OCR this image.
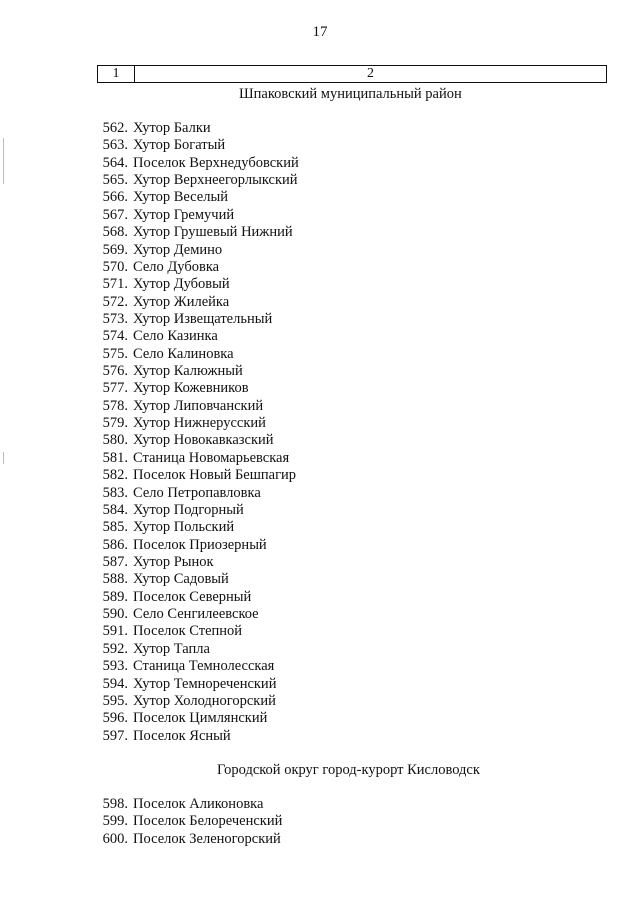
17
1	2
Шпаковский муниципальный район
562. Хутор Балки
563. Хутор Богатый
564. Поселок Верхнедубовский
565. Хутор Верхнеегорлыкский
566. Хутор Веселый
567. Хутор Гремучий
568. Хутор Грушевый Нижний
569. Хутор Демино
570. Село Дубовка
571. Хутор Дубовый
572. Хутор Жилейка
573. Хутор Извещательный
574. Село Казинка
575. Село Калиновка
576. Хутор Калюжный
577. Хутор Кожевников
578. Хутор Липовчанский
579. Хутор Нижнерусский
580. Хутор Новокавказский
581. Станица Новомарьевская
582. Поселок Новый Бешпагир
583. Село Петропавловка
584. Хутор Подгорный
585. Хутор Польский
586. Поселок Приозерный
587. Хутор Рынок
588. Хутор Садовый
589. Поселок Северный
590. Село Сенгилеевское
591. Поселок Степной
592. Хутор Тапла
593. Станица Темнолесская
594. Хутор Темнореченский
595. Хутор Холодногорский
596. Поселок Цимлянский
597. Поселок Ясный
Городской округ город-курорт Кисловодск
598. Поселок Аликоновка
599. Поселок Белореченский
600. Поселок Зеленогорский
